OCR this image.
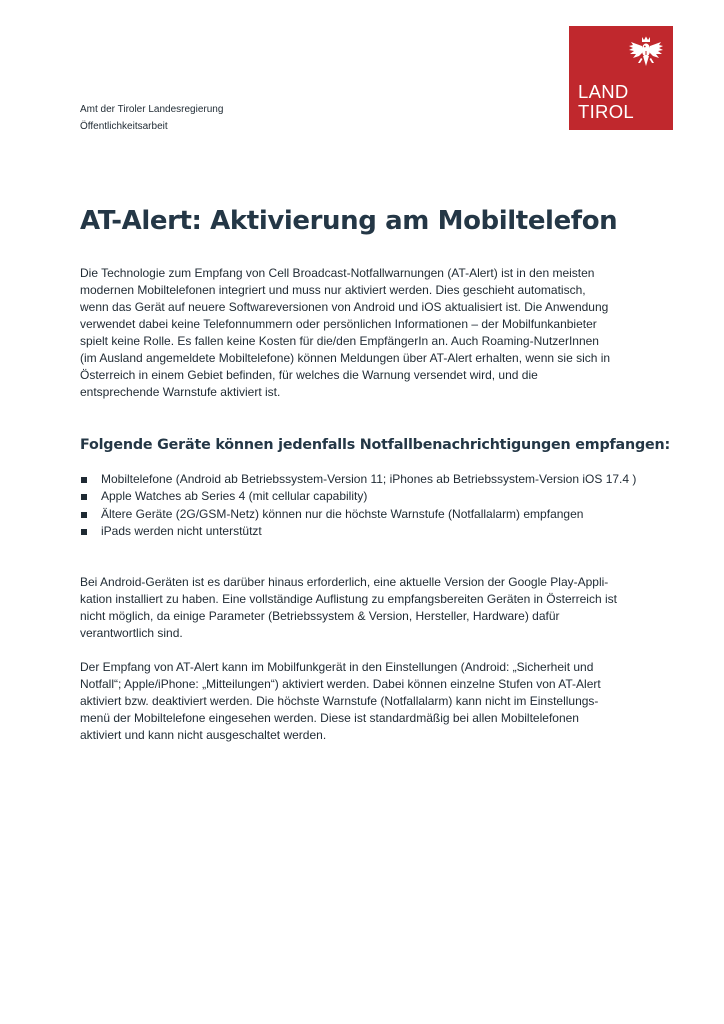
LAND
TIROL
Amt der Tiroler Landesregierung
Öffentlichkeitsarbeit
AT-Alert: Aktivierung am Mobiltelefon
Die Technologie zum Empfang von Cell Broadcast-Notfallwarnungen (AT-Alert) ist in den meisten
modernen Mobiltelefonen integriert und muss nur aktiviert werden. Dies geschieht automatisch,
wenn das Gerät auf neuere Softwareversionen von Android und iOS aktualisiert ist. Die Anwendung
verwendet dabei keine Telefonnummern oder persönlichen Informationen – der Mobilfunkanbieter
spielt keine Rolle. Es fallen keine Kosten für die/den EmpfängerIn an. Auch Roaming-NutzerInnen
(im Ausland angemeldete Mobiltelefone) können Meldungen über AT-Alert erhalten, wenn sie sich in
Österreich in einem Gebiet befinden, für welches die Warnung versendet wird, und die
entsprechende Warnstufe aktiviert ist.
Folgende Geräte können jedenfalls Notfallbenachrichtigungen empfangen:
Mobiltelefone (Android ab Betriebssystem-Version 11; iPhones ab Betriebssystem-Version iOS 17.4 )
Apple Watches ab Series 4 (mit cellular capability)
Ältere Geräte (2G/GSM-Netz) können nur die höchste Warnstufe (Notfallalarm) empfangen
iPads werden nicht unterstützt
Bei Android-Geräten ist es darüber hinaus erforderlich, eine aktuelle Version der Google Play-Appli-
kation installiert zu haben. Eine vollständige Auflistung zu empfangsbereiten Geräten in Österreich ist
nicht möglich, da einige Parameter (Betriebssystem & Version, Hersteller, Hardware) dafür
verantwortlich sind.
Der Empfang von AT-Alert kann im Mobilfunkgerät in den Einstellungen (Android: „Sicherheit und
Notfall“; Apple/iPhone: „Mitteilungen“) aktiviert werden. Dabei können einzelne Stufen von AT-Alert
aktiviert bzw. deaktiviert werden. Die höchste Warnstufe (Notfallalarm) kann nicht im Einstellungs-
menü der Mobiltelefone eingesehen werden. Diese ist standardmäßig bei allen Mobiltelefonen
aktiviert und kann nicht ausgeschaltet werden.
